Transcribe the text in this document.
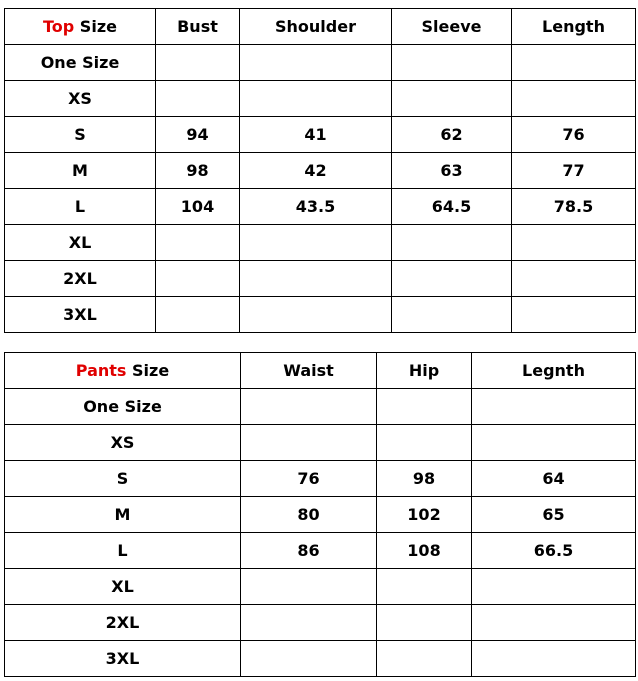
Top Size	Bust	Shoulder	Sleeve	Length
One Size				
XS				
S	94	41	62	76
M	98	42	63	77
L	104	43.5	64.5	78.5
XL				
2XL				
3XL				
Pants Size	Waist	Hip	Legnth
One Size			
XS			
S	76	98	64
M	80	102	65
L	86	108	66.5
XL			
2XL			
3XL			
